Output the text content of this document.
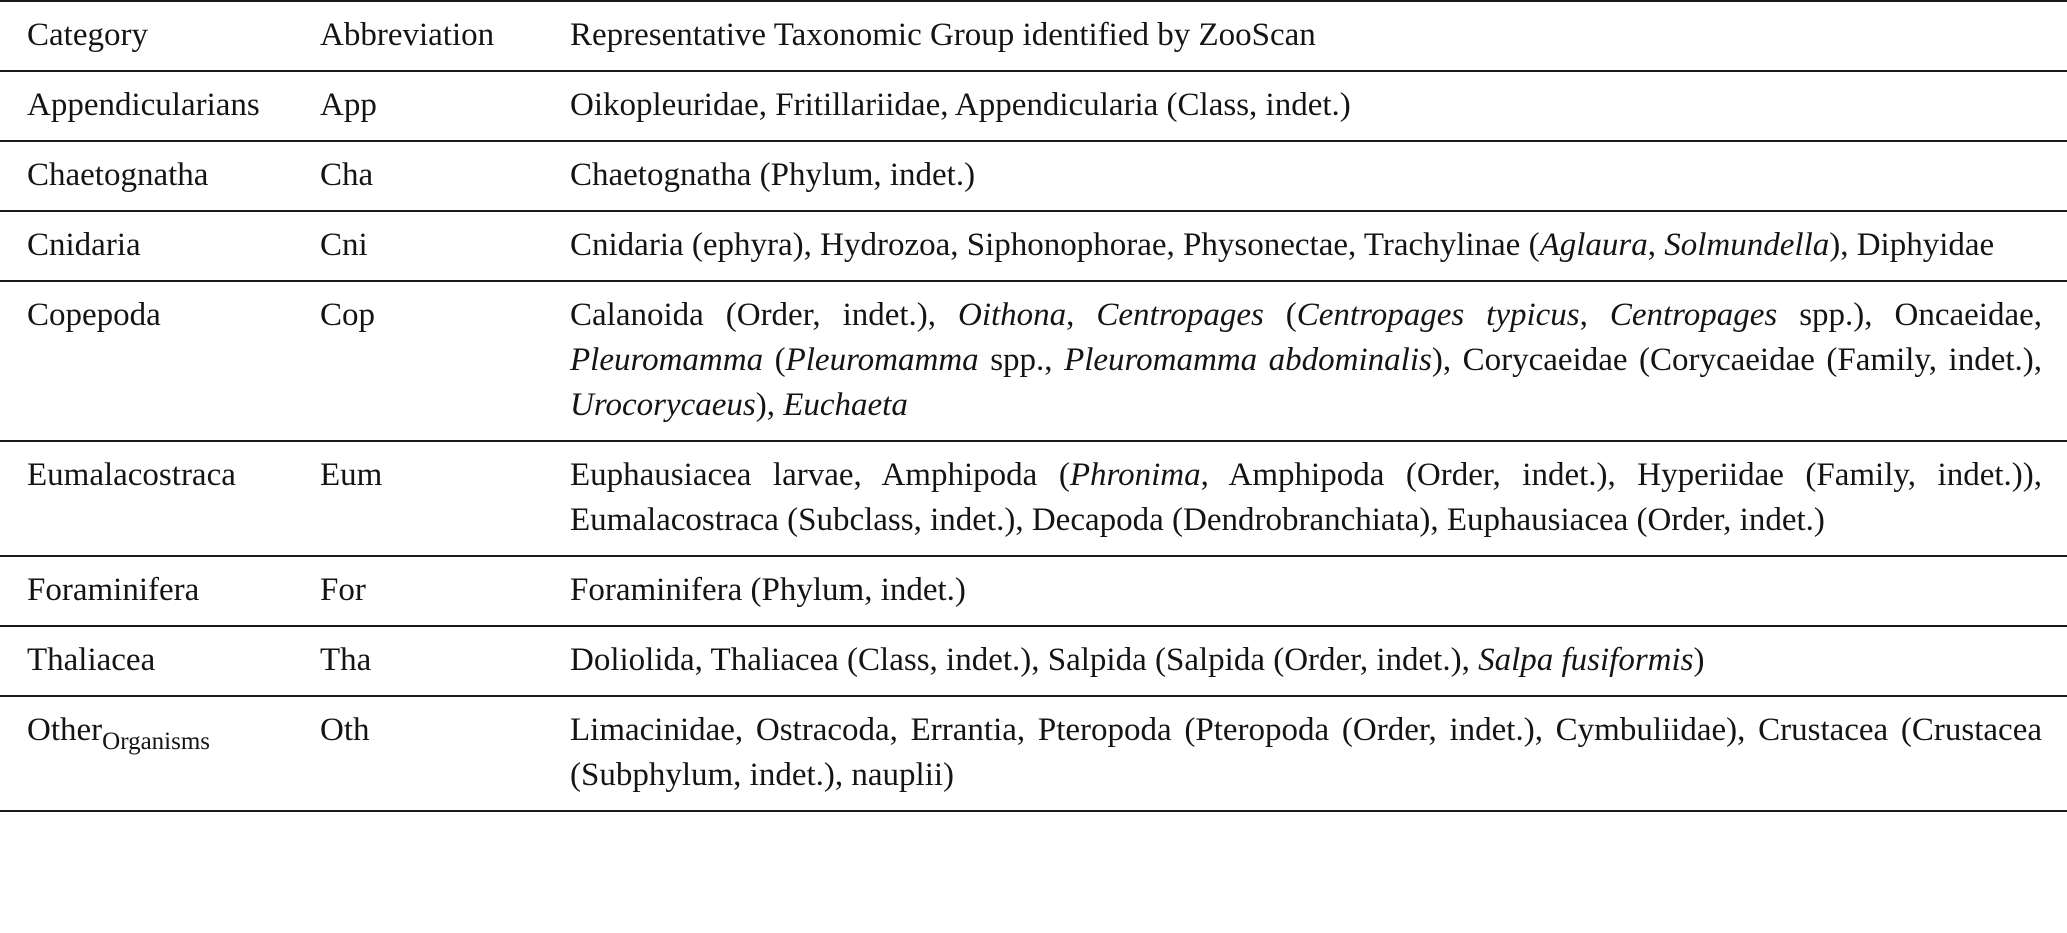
Category	Abbreviation	Representative Taxonomic Group identified by ZooScan
Appendicularians	App	Oikopleuridae, Fritillariidae, Appendicularia (Class, indet.)
Chaetognatha	Cha	Chaetognatha (Phylum, indet.)
Cnidaria	Cni	Cnidaria (ephyra), Hydrozoa, Siphonophorae, Physonectae, Trachylinae (Aglaura, Solmundella), Diphyidae
Copepoda	Cop	Calanoida (Order, indet.), Oithona, Centropages (Centropages typicus, Centropages spp.), Oncaeidae, Pleuromamma (Pleuromamma spp., Pleuromamma abdominalis), Corycaeidae (Corycaeidae (Family, indet.), Urocorycaeus), Euchaeta
Eumalacostraca	Eum	Euphausiacea larvae, Amphipoda (Phronima, Amphipoda (Order, indet.), Hyperiidae (Family, indet.)), Eumalacostraca (Subclass, indet.), Decapoda (Dendrobranchiata), Euphausiacea (Order, indet.)
Foraminifera	For	Foraminifera (Phylum, indet.)
Thaliacea	Tha	Doliolida, Thaliacea (Class, indet.), Salpida (Salpida (Order, indet.), Salpa fusiformis)
Other$_{Organisms}$	Oth	Limacinidae, Ostracoda, Errantia, Pteropoda (Pteropoda (Order, indet.), Cymbuliidae), Crustacea (Crustacea (Subphylum, indet.), nauplii)
